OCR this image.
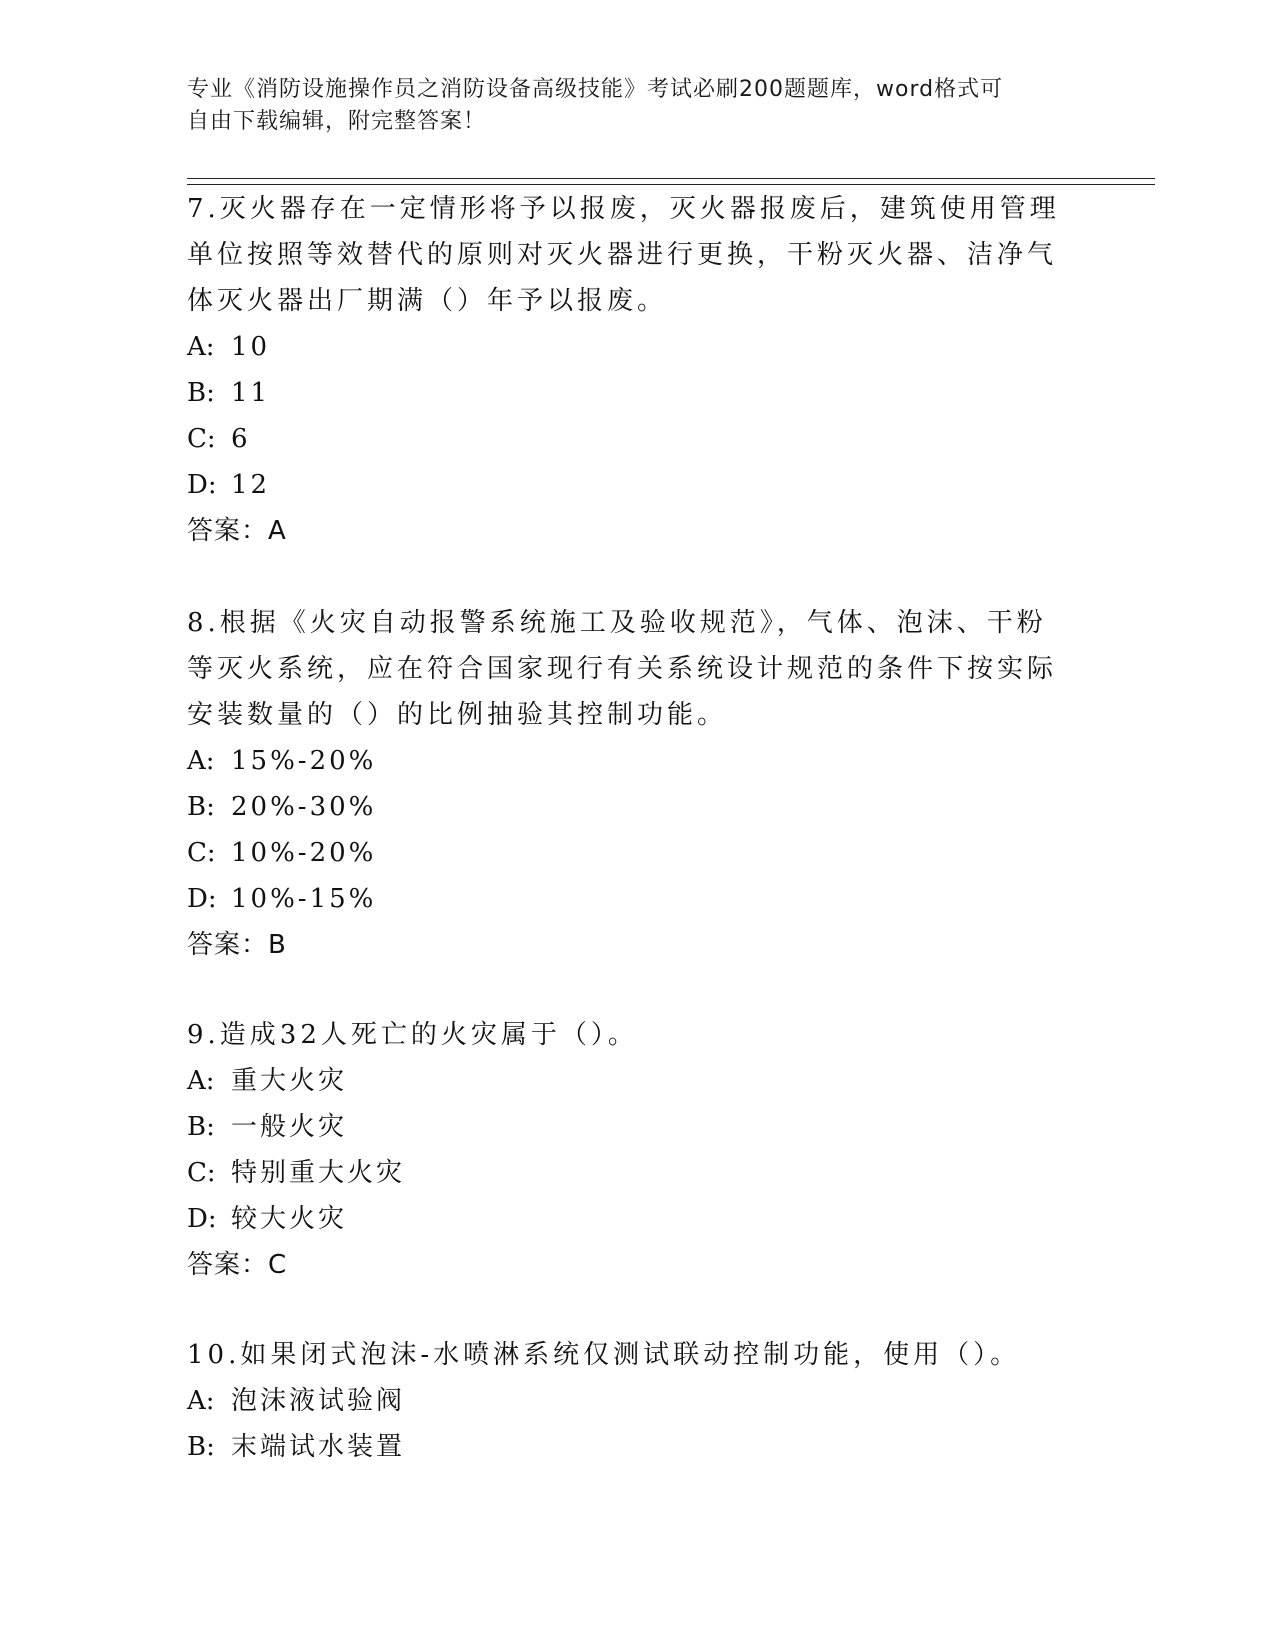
专业《消防设施操作员之消防设备高级技能》考试必刷200题题库，word格式可
自由下载编辑，附完整答案！

7.灭火器存在一定情形将予以报废，灭火器报废后，建筑使用管理单位按照等效替代的原则对灭火器进行更换，干粉灭火器、洁净气体灭火器出厂期满（）年予以报废。

A: 10
B: 11
C: 6
D: 12
答案：A

8.根据《火灾自动报警系统施工及验收规范》，气体、泡沫、干粉等灭火系统，应在符合国家现行有关系统设计规范的条件下按实际安装数量的（）的比例抽验其控制功能。

A: 15%-20%
B: 20%-30%
C: 10%-20%
D: 10%-15%
答案：B

9.造成32人死亡的火灾属于（）。

A: 重大火灾
B: 一般火灾
C: 特别重大火灾
D: 较大火灾
答案：C

10.如果闭式泡沫-水喷淋系统仅测试联动控制功能，使用（）。

A: 泡沫液试验阀
B: 末端试水装置
